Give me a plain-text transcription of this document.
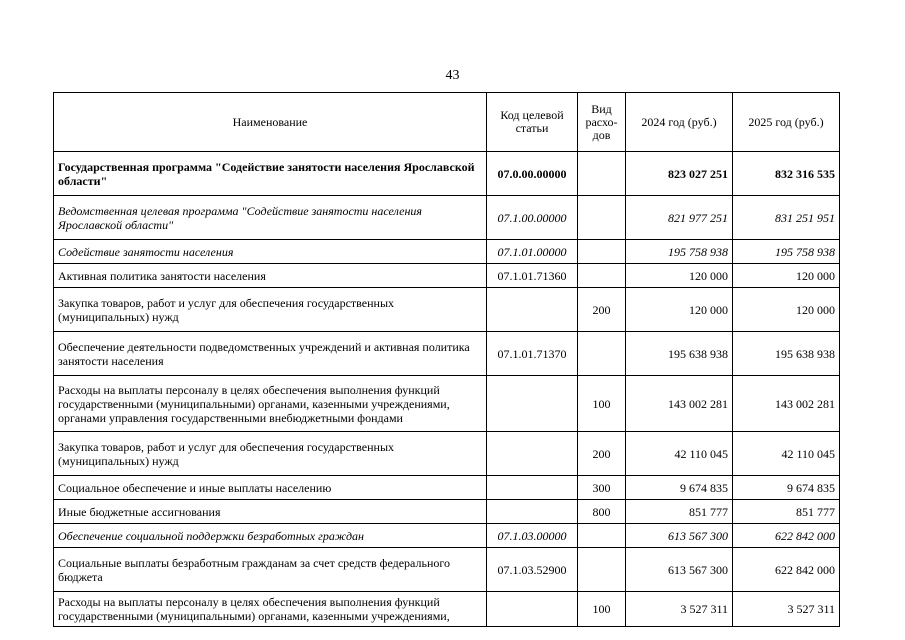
43
Наименование	Код целевой статьи	Вид расхо-дов	2024 год (руб.)	2025 год (руб.)
Государственная программа "Содействие занятости населения Ярославской области"	07.0.00.00000		823 027 251	832 316 535
Ведомственная целевая программа "Содействие занятости населения Ярославской области"	07.1.00.00000		821 977 251	831 251 951
Содействие занятости населения	07.1.01.00000		195 758 938	195 758 938
Активная политика занятости населения	07.1.01.71360		120 000	120 000
Закупка товаров, работ и услуг для обеспечения государственных (муниципальных) нужд		200	120 000	120 000
Обеспечение деятельности подведомственных учреждений и активная политика занятости населения	07.1.01.71370		195 638 938	195 638 938
Расходы на выплаты персоналу в целях обеспечения выполнения функций государственными (муниципальными) органами, казенными учреждениями, органами управления государственными внебюджетными фондами		100	143 002 281	143 002 281
Закупка товаров, работ и услуг для обеспечения государственных (муниципальных) нужд		200	42 110 045	42 110 045
Социальное обеспечение и иные выплаты населению		300	9 674 835	9 674 835
Иные бюджетные ассигнования		800	851 777	851 777
Обеспечение социальной поддержки безработных граждан	07.1.03.00000		613 567 300	622 842 000
Социальные выплаты безработным гражданам за счет средств федерального бюджета	07.1.03.52900		613 567 300	622 842 000
Расходы на выплаты персоналу в целях обеспечения выполнения функций государственными (муниципальными) органами, казенными учреждениями,		100	3 527 311	3 527 311
